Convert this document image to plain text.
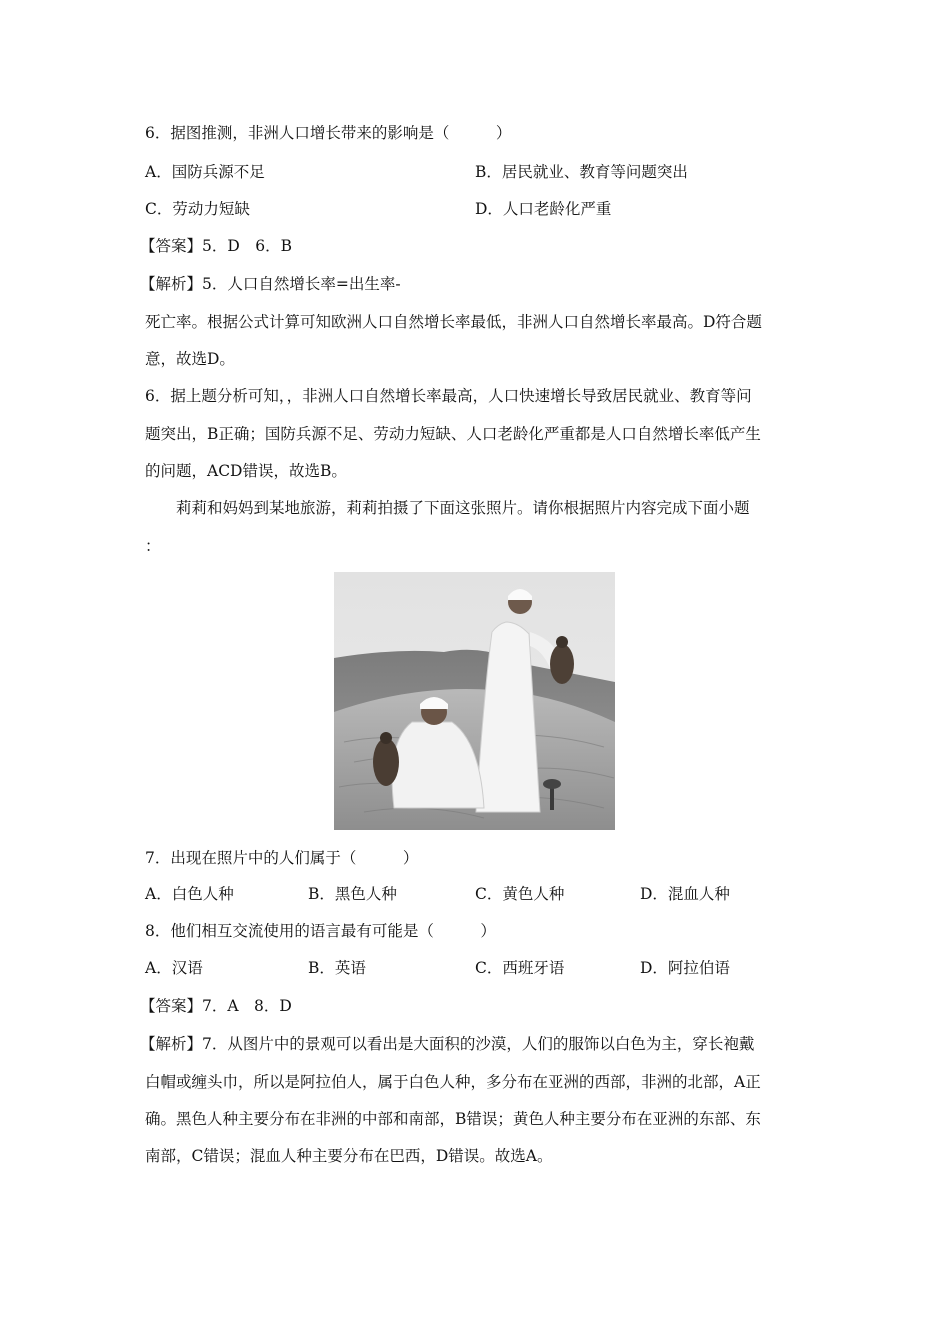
6．据图推测，非洲人口增长带来的影响是（　　　）
A．国防兵源不足	B．居民就业、教育等问题突出
C．劳动力短缺	D．人口老龄化严重
【答案】5．D　6．B
【解析】5．人口自然增长率=出生率-
死亡率。根据公式计算可知欧洲人口自然增长率最低，非洲人口自然增长率最高。D符合题
意，故选D。
6．据上题分析可知，，非洲人口自然增长率最高，人口快速增长导致居民就业、教育等问
题突出，B正确；国防兵源不足、劳动力短缺、人口老龄化严重都是人口自然增长率低产生
的问题，ACD错误，故选B。
莉莉和妈妈到某地旅游，莉莉拍摄了下面这张照片。请你根据照片内容完成下面小题
：
7．出现在照片中的人们属于（　　　）
A．白色人种	B．黑色人种	C．黄色人种	D．混血人种
8．他们相互交流使用的语言最有可能是（　　　）
A．汉语	B．英语	C．西班牙语	D．阿拉伯语
【答案】7．A　8．D
【解析】7．从图片中的景观可以看出是大面积的沙漠，人们的服饰以白色为主，穿长袍戴
白帽或缠头巾，所以是阿拉伯人，属于白色人种，多分布在亚洲的西部，非洲的北部，A正
确。黑色人种主要分布在非洲的中部和南部，B错误；黄色人种主要分布在亚洲的东部、东
南部，C错误；混血人种主要分布在巴西，D错误。故选A。
